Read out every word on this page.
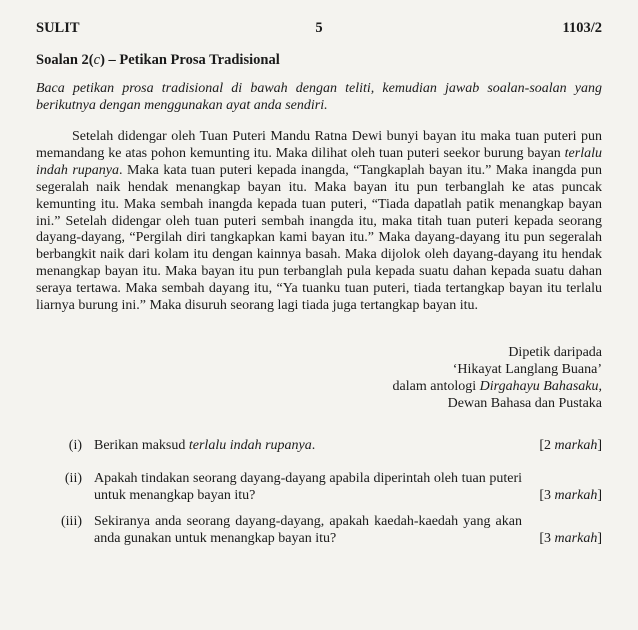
SULIT	5	1103/2
Soalan 2(c) – Petikan Prosa Tradisional
Baca petikan prosa tradisional di bawah dengan teliti, kemudian jawab soalan-soalan yang berikutnya dengan menggunakan ayat anda sendiri.

Setelah didengar oleh Tuan Puteri Mandu Ratna Dewi bunyi bayan itu maka tuan puteri pun memandang ke atas pohon kemunting itu. Maka dilihat oleh tuan puteri seekor burung bayan terlalu indah rupanya. Maka kata tuan puteri kepada inangda, “Tangkaplah bayan itu.” Maka inangda pun segeralah naik hendak menangkap bayan itu. Maka bayan itu pun terbanglah ke atas puncak kemunting itu. Maka sembah inangda kepada tuan puteri, “Tiada dapatlah patik menangkap bayan ini.” Setelah didengar oleh tuan puteri sembah inangda itu, maka titah tuan puteri kepada seorang dayang-dayang, “Pergilah diri tangkapkan kami bayan itu.” Maka dayang-dayang itu pun segeralah berbangkit naik dari kolam itu dengan kainnya basah. Maka dijolok oleh dayang-dayang itu hendak menangkap bayan itu. Maka bayan itu pun terbanglah pula kepada suatu dahan kepada suatu dahan seraya tertawa. Maka sembah dayang itu, “Ya tuanku tuan puteri, tiada tertangkap bayan itu terlalu liarnya burung ini.” Maka disuruh seorang lagi tiada juga tertangkap bayan itu.

Dipetik daripada
‘Hikayat Langlang Buana’
dalam antologi Dirgahayu Bahasaku,
Dewan Bahasa dan Pustaka
(i) Berikan maksud terlalu indah rupanya.	[2 markah]
(ii) Apakah tindakan seorang dayang-dayang apabila diperintah oleh tuan puteri untuk menangkap bayan itu?	[3 markah]
(iii) Sekiranya anda seorang dayang-dayang, apakah kaedah-kaedah yang akan anda gunakan untuk menangkap bayan itu?	[3 markah]
